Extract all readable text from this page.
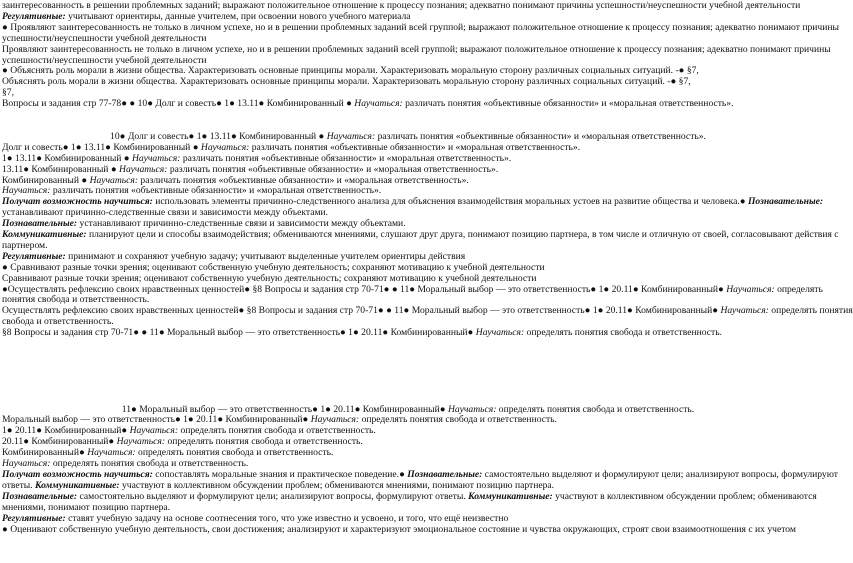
заинтересованность в решении проблемных заданий; выражают положительное отношение к процессу познания; адекватно понимают причины успешности/неуспешности учебной деятельности
Регулятивные: учитывают ориентиры, данные учителем, при освоении нового учебного материала
● Проявляют заинтересованность не только в личном успехе, но и в решении проблемных заданий всей группой; выражают положительное отношение к процессу познания; адекватно понимают причины
успешности/неуспешности учебной деятельности
Проявляют заинтересованность не только в личном успехе, но и в решении проблемных заданий всей группой; выражают положительное отношение к процессу познания; адекватно понимают причины
успешности/неуспешности учебной деятельности
● Объяснять роль морали в жизни общества. Характеризовать основные принципы морали. Характеризовать моральную сторону различных социальных ситуаций. -● §7,
Объяснять роль морали в жизни общества. Характеризовать основные принципы морали. Характеризовать моральную сторону различных социальных ситуаций. -● §7,
§7,
Вопросы и задания стр 77-78● ● 10● Долг и совесть● 1● 13.11● Комбинированный ● Научаться: различать понятия «объективные обязанности» и «моральная ответственность».

10● Долг и совесть● 1● 13.11● Комбинированный ● Научаться: различать понятия «объективные обязанности» и «моральная ответственность».
Долг и совесть● 1● 13.11● Комбинированный ● Научаться: различать понятия «объективные обязанности» и «моральная ответственность».
1● 13.11● Комбинированный ● Научаться: различать понятия «объективные обязанности» и «моральная ответственность».
13.11● Комбинированный ● Научаться: различать понятия «объективные обязанности» и «моральная ответственность».
Комбинированный ● Научаться: различать понятия «объективные обязанности» и «моральная ответственность».
Научаться: различать понятия «объективные обязанности» и «моральная ответственность».
Получат возможность научиться: использовать элементы причинно-следственного анализа для объяснения взаимодействия моральных устоев на развитие общества и человека.● Познавательные:
устанавливают причинно-следственные связи и зависимости между объектами.
Познавательные: устанавливают причинно-следственные связи и зависимости между объектами.
Коммуникативные: планируют цели и способы взаимодействия; обмениваются мнениями, слушают друг друга, понимают позицию партнера, в том числе и отличную от своей, согласовывают действия с
партнером.
Регулятивные: принимают и сохраняют учебную задачу; учитывают выделенные учителем ориентиры действия
● Сравнивают разные точки зрения; оценивают собственную учебную деятельность; сохраняют мотивацию к учебной деятельности
Сравнивают разные точки зрения; оценивают собственную учебную деятельность; сохраняют мотивацию к учебной деятельности
●Осуществлять рефлексию своих нравственных ценностей● §8 Вопросы и задания стр 70-71● ● 11● Моральный выбор — это ответственность● 1● 20.11● Комбинированный● Научаться: определять
понятия свобода и ответственность.
Осуществлять рефлексию своих нравственных ценностей● §8 Вопросы и задания стр 70-71● ● 11● Моральный выбор — это ответственность● 1● 20.11● Комбинированный● Научаться: определять понятия
свобода и ответственность.
§8 Вопросы и задания стр 70-71● ● 11● Моральный выбор — это ответственность● 1● 20.11● Комбинированный● Научаться: определять понятия свобода и ответственность.

11● Моральный выбор — это ответственность● 1● 20.11● Комбинированный● Научаться: определять понятия свобода и ответственность.
Моральный выбор — это ответственность● 1● 20.11● Комбинированный● Научаться: определять понятия свобода и ответственность.
1● 20.11● Комбинированный● Научаться: определять понятия свобода и ответственность.
20.11● Комбинированный● Научаться: определять понятия свобода и ответственность.
Комбинированный● Научаться: определять понятия свобода и ответственность.
Научаться: определять понятия свобода и ответственность.
Получат возможность научиться: сопоставлять моральные знания и практическое поведение.● Познавательные: самостоятельно выделяют и формулируют цели; анализируют вопросы, формулируют
ответы. Коммуникативные: участвуют в коллективном обсуждении проблем; обмениваются мнениями, понимают позицию партнера.
Познавательные: самостоятельно выделяют и формулируют цели; анализируют вопросы, формулируют ответы. Коммуникативные: участвуют в коллективном обсуждении проблем; обмениваются
мнениями, понимают позицию партнера.
Регулятивные: ставят учебную задачу на основе соотнесения того, что уже известно и усвоено, и того, что ещё неизвестно
● Оценивают собственную учебную деятельность, свои достижения; анализируют и характеризуют эмоциональное состояние и чувства окружающих, строят свои взаимоотношения с их учетом
